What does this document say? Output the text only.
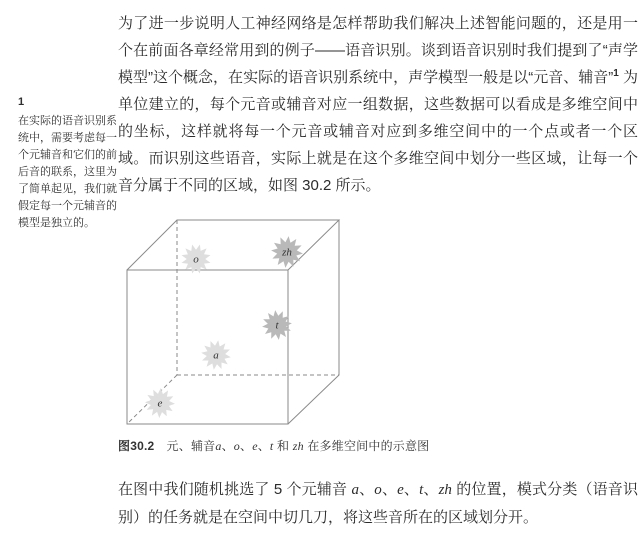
1
在实际的语音识别系统中，需要考虑每一个元辅音和它们的前后音的联系，这里为了简单起见，我们就假定每一个元辅音的模型是独立的。

为了进一步说明人工神经网络是怎样帮助我们解决上述智能问题的，还是用一个在前面各章经常用到的例子——语音识别。谈到语音识别时我们提到了“声学模型”这个概念，在实际的语音识别系统中，声学模型一般是以“元音、辅音”$^1$ 为单位建立的，每个元音或辅音对应一组数据，这些数据可以看成是多维空间中的坐标，这样就将每一个元音或辅音对应到多维空间中的一个点或者一个区域。而识别这些语音，实际上就是在这个多维空间中划分一些区域，让每一个音分属于不同的区域，如图 30.2 所示。

o
zh
t
a
e

图30.2　元、辅音a、o、e、t 和 zh 在多维空间中的示意图

在图中我们随机挑选了 5 个元辅音 a、o、e、t、zh 的位置，模式分类（语音识别）的任务就是在空间中切几刀，将这些音所在的区域划分开。
